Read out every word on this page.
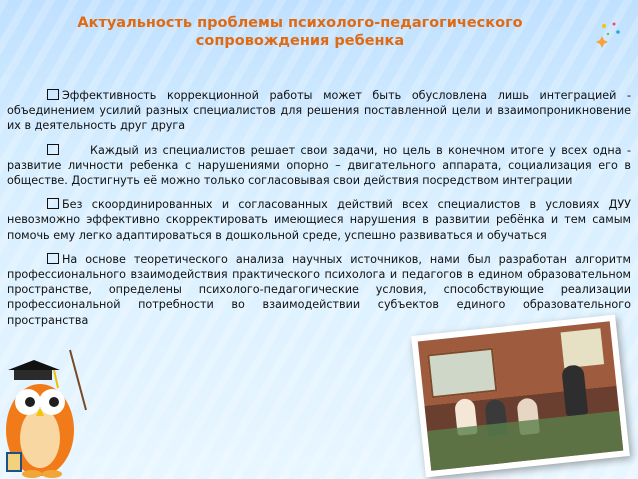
Актуальность проблемы психолого-педагогического
сопровождения ребенка

Эффективность коррекционной работы может быть обусловлена лишь интеграцией - объединением усилий разных специалистов для решения поставленной цели и взаимопроникновение их в деятельность друг друга

Каждый из специалистов решает свои задачи, но цель в конечном итоге у всех одна - развитие личности ребенка с нарушениями опорно – двигательного аппарата, социализация его в обществе. Достигнуть её можно только согласовывая свои действия посредством интеграции

Без скоординированных и согласованных действий всех специалистов в условиях ДУУ невозможно эффективно скорректировать имеющиеся нарушения в развитии ребёнка и тем самым помочь ему легко адаптироваться в дошкольной среде, успешно развиваться и обучаться

На основе теоретического анализа научных источников, нами был разработан алгоритм профессионального взаимодействия практического психолога и педагогов в едином образовательном пространстве, определены психолого-педагогические условия, способствующие реализации профессиональной потребности во взаимодействии субъектов единого образовательного пространства
